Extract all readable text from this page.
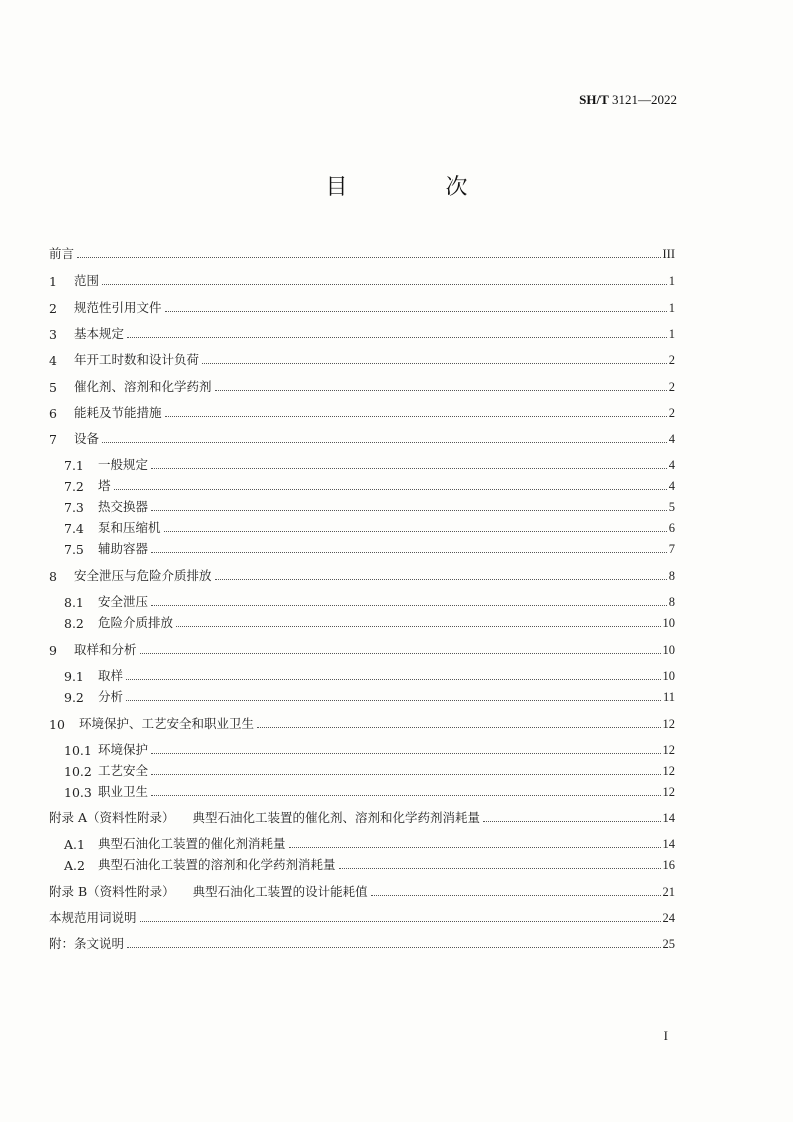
SH/T 3121—2022
目　次
前言	III
1	范围	1
2	规范性引用文件	1
3	基本规定	1
4	年开工时数和设计负荷	2
5	催化剂、溶剂和化学药剂	2
6	能耗及节能措施	2
7	设备	4
7.1	一般规定	4
7.2	塔	4
7.3	热交换器	5
7.4	泵和压缩机	6
7.5	辅助容器	7
8	安全泄压与危险介质排放	8
8.1	安全泄压	8
8.2	危险介质排放	10
9	取样和分析	10
9.1	取样	10
9.2	分析	11
10	环境保护、工艺安全和职业卫生	12
10.1 环境保护	12
10.2 工艺安全	12
10.3 职业卫生	12
附录 A（资料性附录） 典型石油化工装置的催化剂、溶剂和化学药剂消耗量	14
A.1	典型石油化工装置的催化剂消耗量	14
A.2	典型石油化工装置的溶剂和化学药剂消耗量	16
附录 B（资料性附录） 典型石油化工装置的设计能耗值	21
本规范用词说明	24
附：条文说明	25
I
